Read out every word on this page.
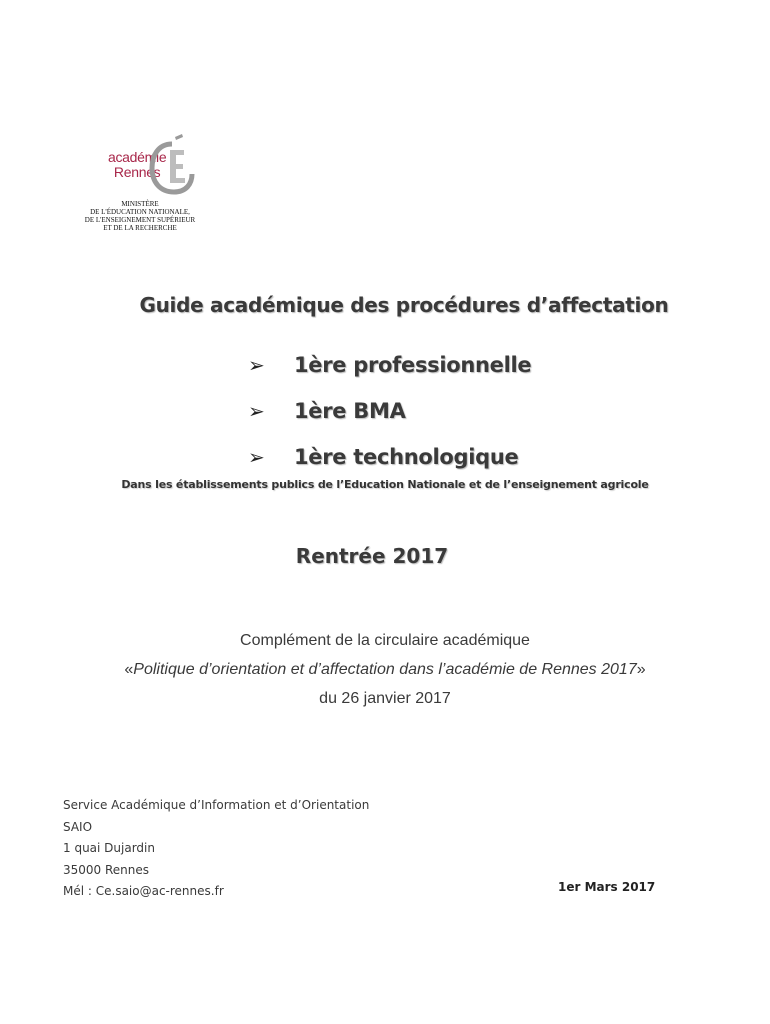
académie
Rennes
MINISTÈRE
DE L'ÉDUCATION NATIONALE,
DE L'ENSEIGNEMENT SUPÉRIEUR
ET DE LA RECHERCHE
Guide académique des procédures d’affectation
➢	1ère professionnelle
➢	1ère BMA
➢	1ère technologique
Dans les établissements publics de l’Education Nationale et de l’enseignement agricole
Rentrée 2017
Complément de la circulaire académique
«Politique d’orientation et d’affectation dans l’académie de Rennes 2017»
du 26 janvier 2017
Service Académique d’Information et d’Orientation
SAIO
1 quai Dujardin
35000 Rennes
Mél : Ce.saio@ac-rennes.fr	1er Mars 2017
